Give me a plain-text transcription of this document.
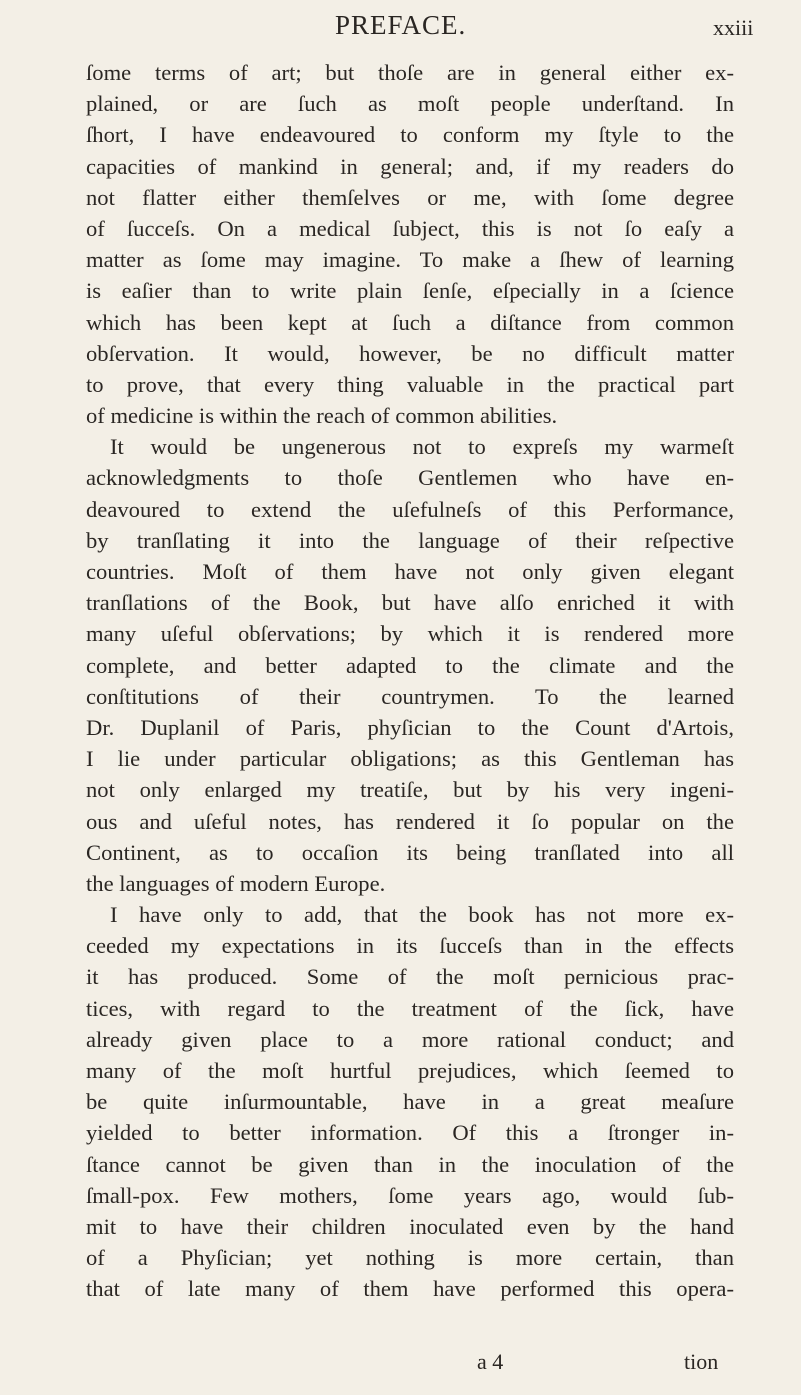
PREFACE.	xxiii
ſome terms of art; but thoſe are in general either ex-
plained, or are ſuch as moſt people underſtand. In
ſhort, I have endeavoured to conform my ſtyle to the
capacities of mankind in general; and, if my readers do
not flatter either themſelves or me, with ſome degree
of ſucceſs. On a medical ſubject, this is not ſo eaſy a
matter as ſome may imagine. To make a ſhew of learning
is eaſier than to write plain ſenſe, eſpecially in a ſcience
which has been kept at ſuch a diſtance from common
obſervation. It would, however, be no difficult matter
to prove, that every thing valuable in the practical part
of medicine is within the reach of common abilities.
It would be ungenerous not to expreſs my warmeſt
acknowledgments to thoſe Gentlemen who have en-
deavoured to extend the uſefulneſs of this Performance,
by tranſlating it into the language of their reſpective
countries. Moſt of them have not only given elegant
tranſlations of the Book, but have alſo enriched it with
many uſeful obſervations; by which it is rendered more
complete, and better adapted to the climate and the
conſtitutions of their countrymen. To the learned
Dr. Duplanil of Paris, phyſician to the Count d'Artois,
I lie under particular obligations; as this Gentleman has
not only enlarged my treatiſe, but by his very ingeni-
ous and uſeful notes, has rendered it ſo popular on the
Continent, as to occaſion its being tranſlated into all
the languages of modern Europe.
I have only to add, that the book has not more ex-
ceeded my expectations in its ſucceſs than in the effects
it has produced. Some of the moſt pernicious prac-
tices, with regard to the treatment of the ſick, have
already given place to a more rational conduct; and
many of the moſt hurtful prejudices, which ſeemed to
be quite inſurmountable, have in a great meaſure
yielded to better information. Of this a ſtronger in-
ſtance cannot be given than in the inoculation of the
ſmall-pox. Few mothers, ſome years ago, would ſub-
mit to have their children inoculated even by the hand
of a Phyſician; yet nothing is more certain, than
that of late many of them have performed this opera-
a 4	tion
